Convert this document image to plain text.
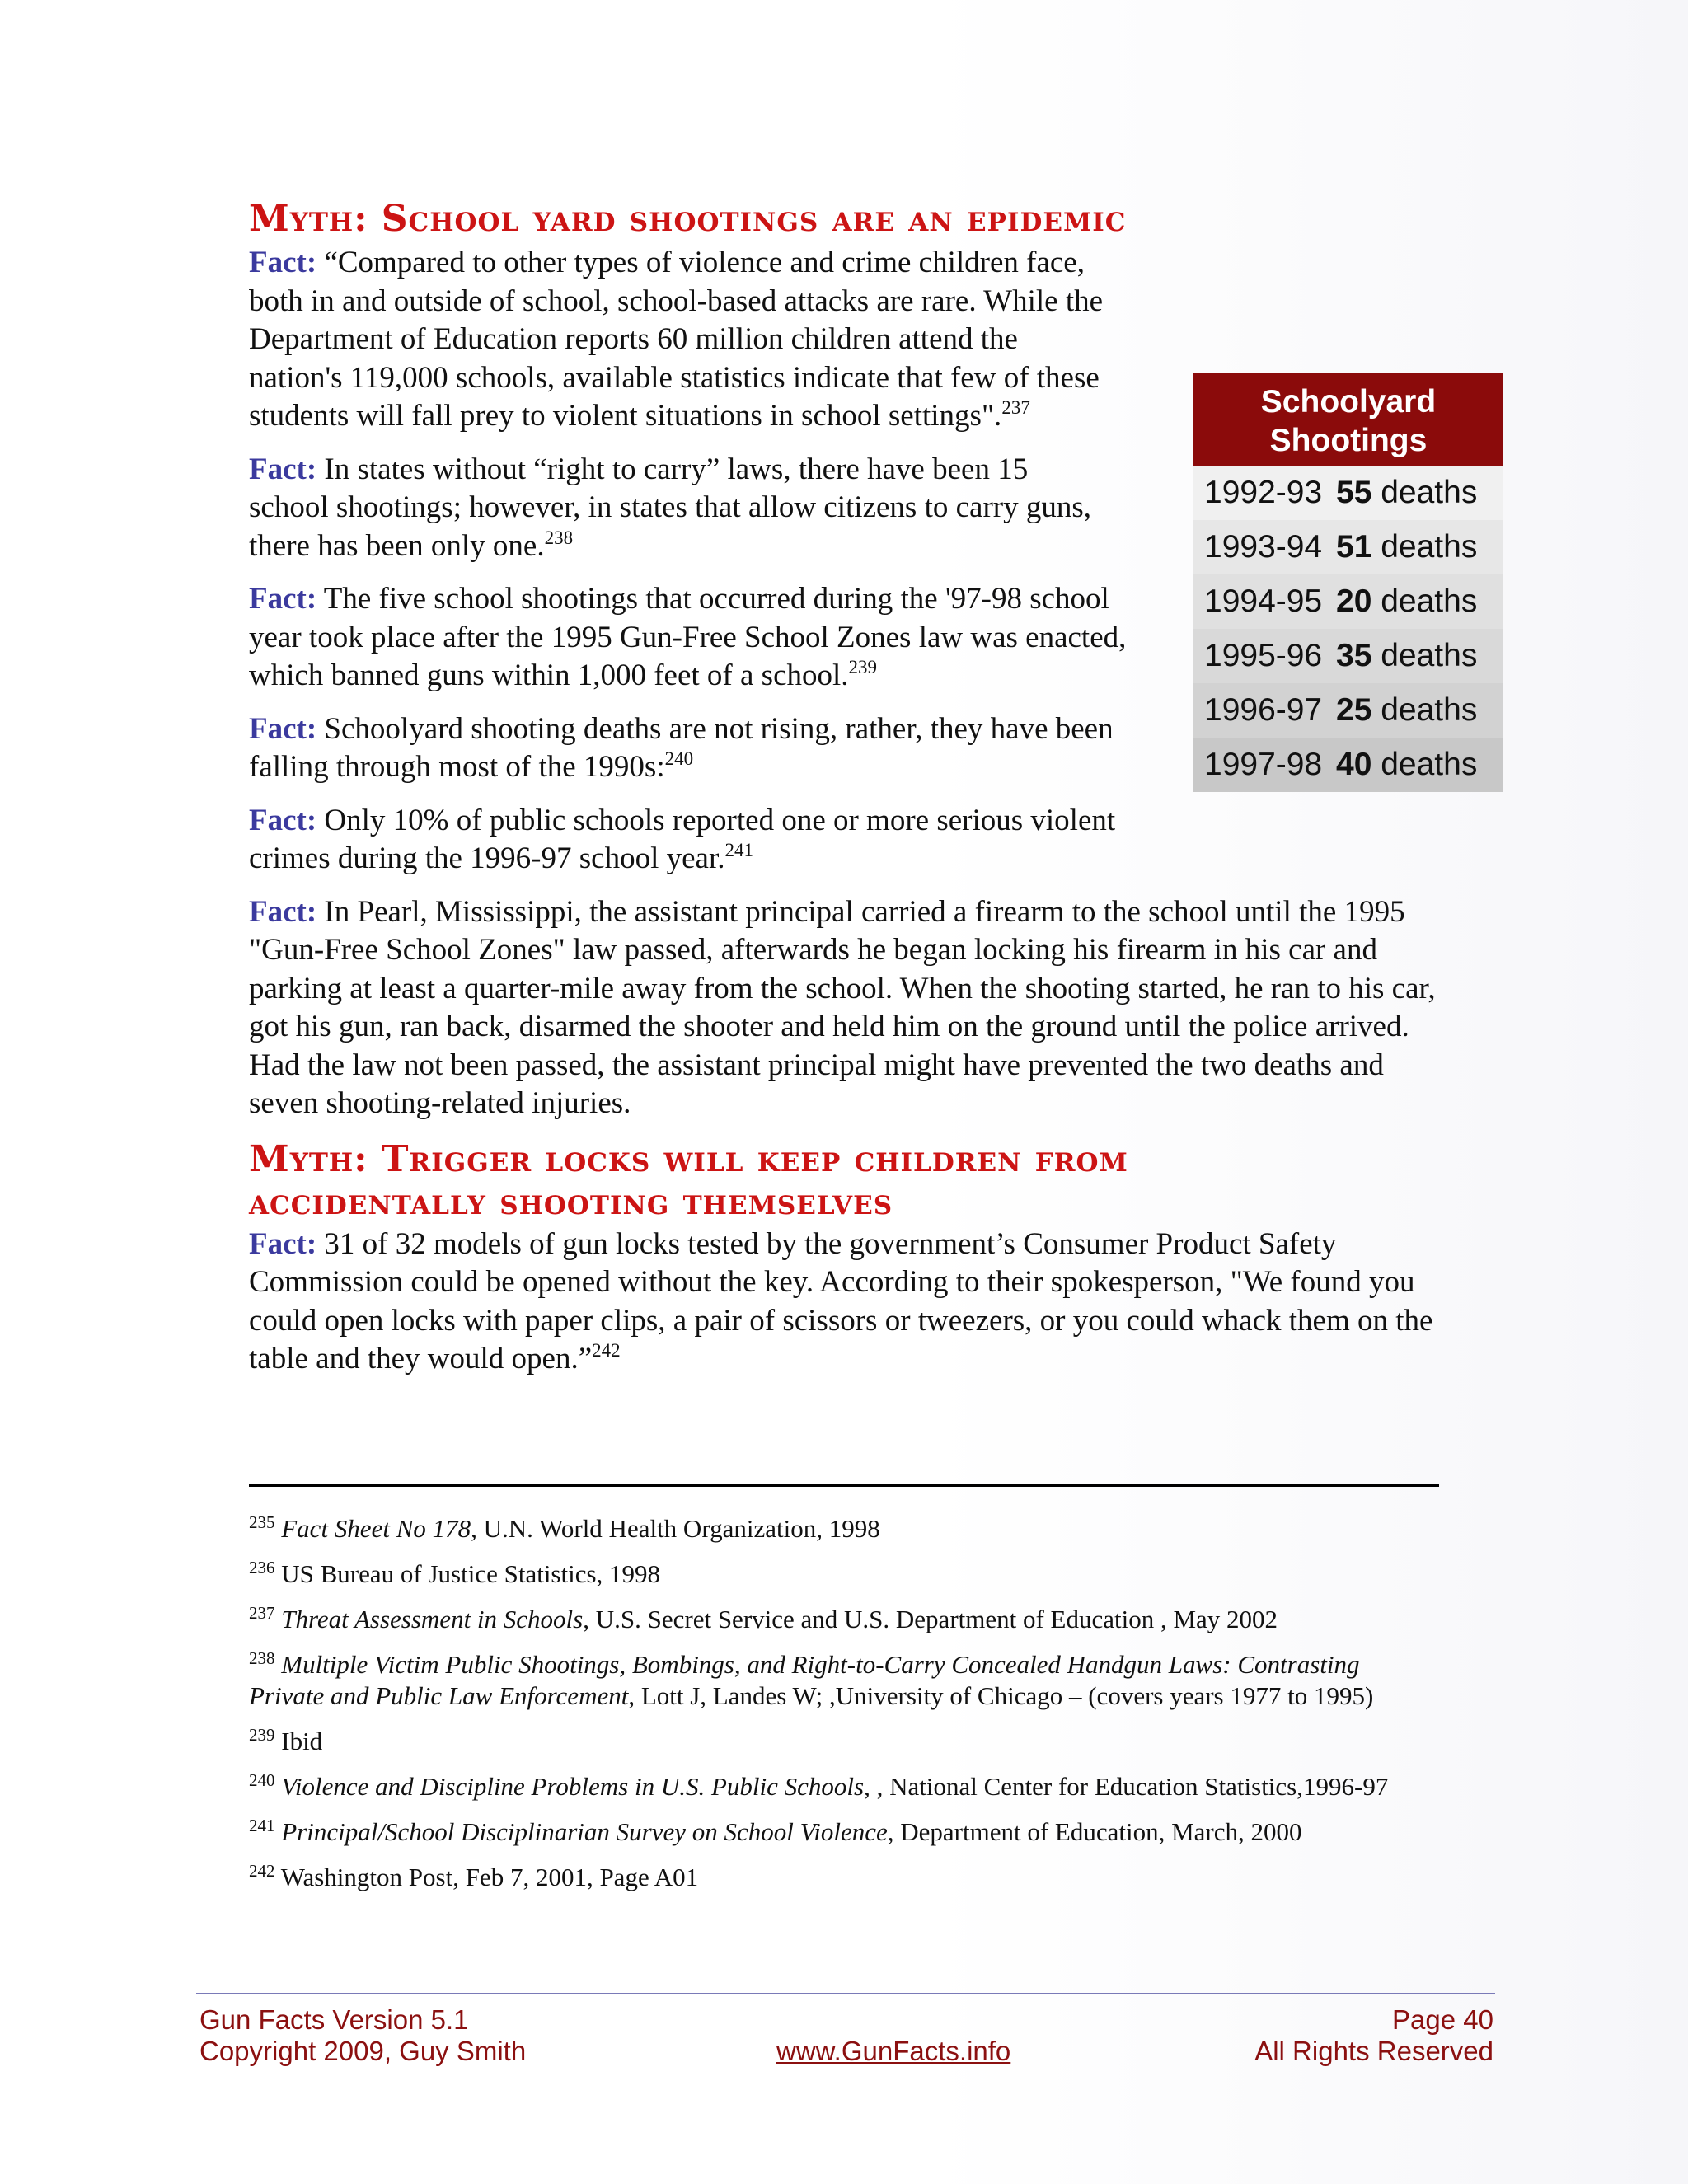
Myth: School yard shootings are an epidemic

Fact: “Compared to other types of violence and crime children face, both in and outside of school, school-based attacks are rare. While the Department of Education reports 60 million children attend the nation's 119,000 schools, available statistics indicate that few of these students will fall prey to violent situations in school settings".$^{237}$

Fact: In states without “right to carry” laws, there have been 15 school shootings; however, in states that allow citizens to carry guns, there has been only one.$^{238}$

Fact: The five school shootings that occurred during the '97-98 school year took place after the 1995 Gun-Free School Zones law was enacted, which banned guns within 1,000 feet of a school.$^{239}$

Fact: Schoolyard shooting deaths are not rising, rather, they have been falling through most of the 1990s:$^{240}$

Fact: Only 10% of public schools reported one or more serious violent crimes during the 1996-97 school year.$^{241}$

Fact: In Pearl, Mississippi, the assistant principal carried a firearm to the school until the 1995 "Gun-Free School Zones" law passed, afterwards he began locking his firearm in his car and parking at least a quarter-mile away from the school. When the shooting started, he ran to his car, got his gun, ran back, disarmed the shooter and held him on the ground until the police arrived. Had the law not been passed, the assistant principal might have prevented the two deaths and seven shooting-related injuries.

Myth: Trigger locks will keep children from accidentally shooting themselves

Fact: 31 of 32 models of gun locks tested by the government’s Consumer Product Safety Commission could be opened without the key. According to their spokesperson, "We found you could open locks with paper clips, a pair of scissors or tweezers, or you could whack them on the table and they would open.”$^{242}$

Schoolyard
Shootings
1992-93 55 deaths
1993-94 51 deaths
1994-95 20 deaths
1995-96 35 deaths
1996-97 25 deaths
1997-98 40 deaths

$^{235}$ Fact Sheet No 178, U.N. World Health Organization, 1998

$^{236}$ US Bureau of Justice Statistics, 1998

$^{237}$ Threat Assessment in Schools, U.S. Secret Service and U.S. Department of Education , May 2002

$^{238}$ Multiple Victim Public Shootings, Bombings, and Right-to-Carry Concealed Handgun Laws: Contrasting Private and Public Law Enforcement, Lott J, Landes W; ,University of Chicago – (covers years 1977 to 1995)

$^{239}$ Ibid

$^{240}$ Violence and Discipline Problems in U.S. Public Schools, , National Center for Education Statistics,1996-97

$^{241}$ Principal/School Disciplinarian Survey on School Violence, Department of Education, March, 2000

$^{242}$ Washington Post, Feb 7, 2001, Page A01

Gun Facts Version 5.1	Page 40
Copyright 2009, Guy Smith	www.GunFacts.info	All Rights Reserved
